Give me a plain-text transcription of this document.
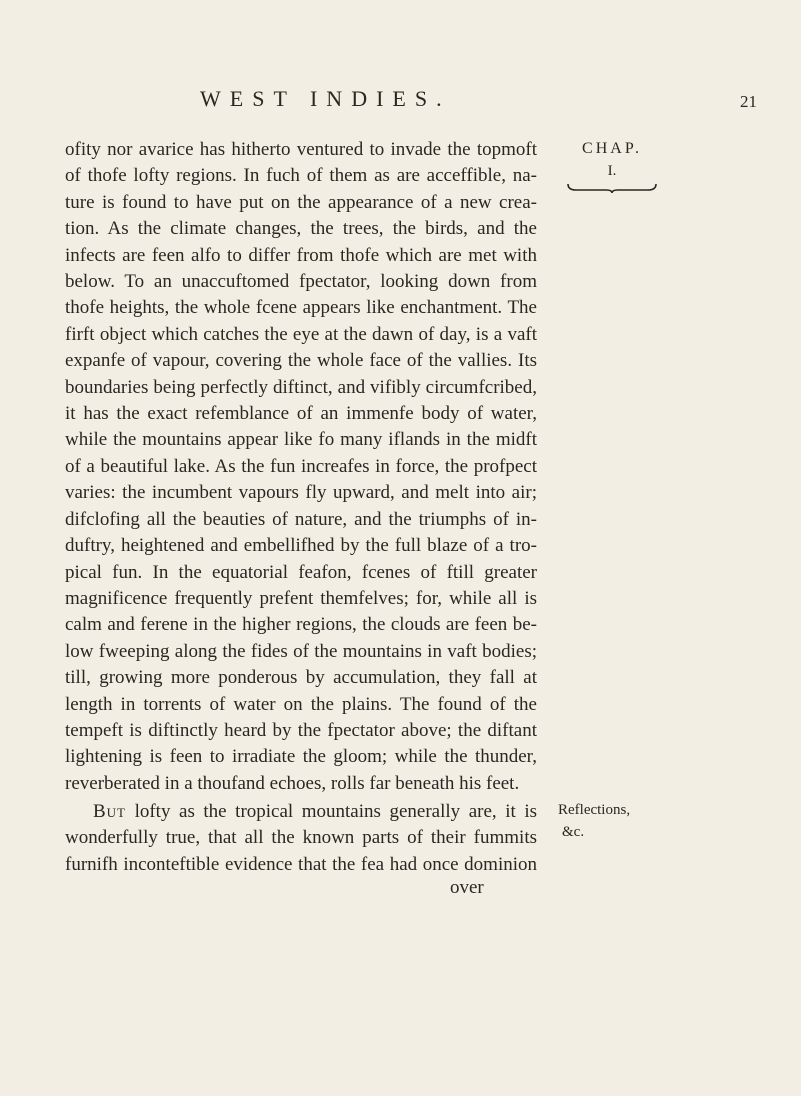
WEST INDIES.	21
CHAP.
I.
ofity nor avarice has hitherto ventured to invade the topmoft
of thofe lofty regions. In fuch of them as are acceffible, na-
ture is found to have put on the appearance of a new crea-
tion. As the climate changes, the trees, the birds, and the
infects are feen alfo to differ from thofe which are met with
below. To an unaccuftomed fpectator, looking down from
thofe heights, the whole fcene appears like enchantment. The
firft object which catches the eye at the dawn of day, is a vaft
expanfe of vapour, covering the whole face of the vallies. Its
boundaries being perfectly diftinct, and vifibly circumfcribed,
it has the exact refemblance of an immenfe body of water,
while the mountains appear like fo many iflands in the midft
of a beautiful lake. As the fun increafes in force, the profpect
varies: the incumbent vapours fly upward, and melt into air;
difclofing all the beauties of nature, and the triumphs of in-
duftry, heightened and embellifhed by the full blaze of a tro-
pical fun. In the equatorial feafon, fcenes of ftill greater
magnificence frequently prefent themfelves; for, while all is
calm and ferene in the higher regions, the clouds are feen be-
low fweeping along the fides of the mountains in vaft bodies;
till, growing more ponderous by accumulation, they fall at
length in torrents of water on the plains. The found of the
tempeft is diftinctly heard by the fpectator above; the diftant
lightening is feen to irradiate the gloom; while the thunder,
reverberated in a thoufand echoes, rolls far beneath his feet.
But lofty as the tropical mountains generally are, it is
wonderfully true, that all the known parts of their fummits
furnifh inconteftible evidence that the fea had once dominion
over
Reflections,
&c.
